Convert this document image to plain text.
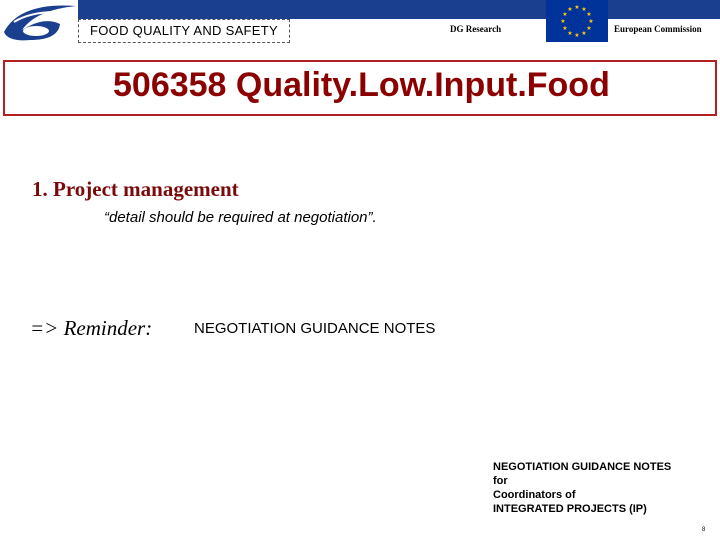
FOOD QUALITY AND SAFETY	DG Research
★ ★
★
★
★
★
★
★
★
★
★
★
European Commission
506358 Quality.Low.Input.Food
1. Project management
“detail should be required at negotiation”.
=> Reminder:	NEGOTIATION GUIDANCE NOTES
NEGOTIATION GUIDANCE NOTES
for
Coordinators of
INTEGRATED PROJECTS (IP)
8
